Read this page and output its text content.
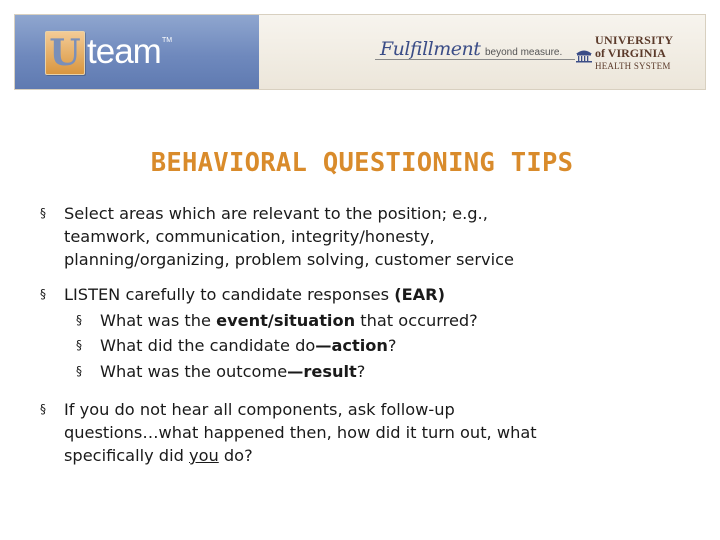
U team TM	Fulfillment beyond measure.
UNIVERSITY
of VIRGINIA
HEALTH SYSTEM
BEHAVIORAL QUESTIONING TIPS
§ Select areas which are relevant to the position; e.g.,
teamwork, communication, integrity/honesty,
planning/organizing, problem solving, customer service
§ LISTEN carefully to candidate responses (EAR)
§ What was the event/situation that occurred?
§ What did the candidate do—action?
§ What was the outcome—result?
§ If you do not hear all components, ask follow-up
questions…what happened then, how did it turn out, what
specifically did you do?
